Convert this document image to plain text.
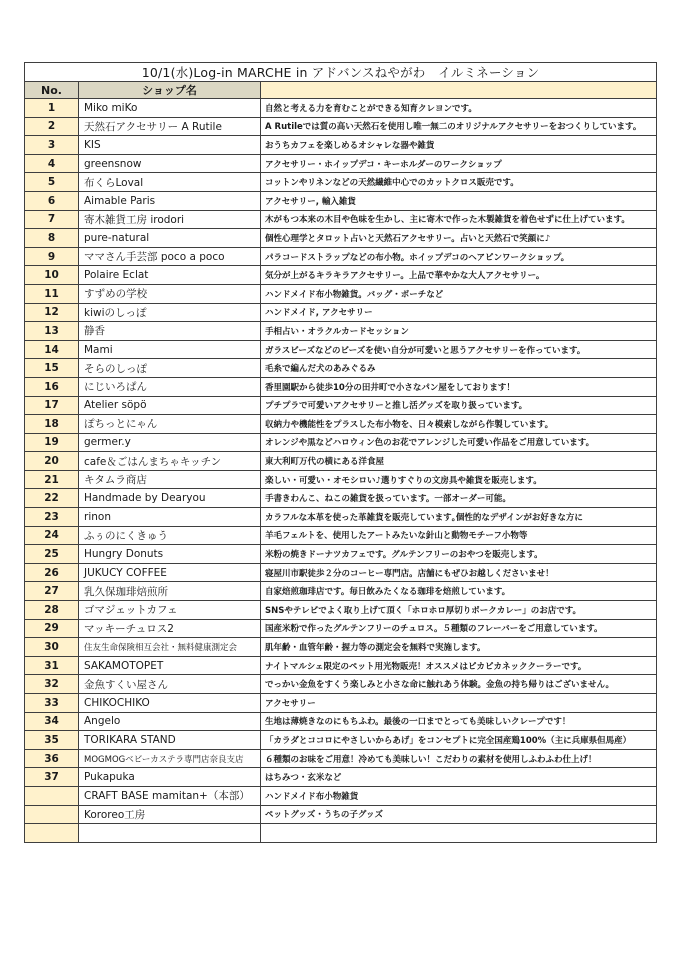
10/1(水)Log-in MARCHE in アドバンスねやがわ　イルミネーション		
No.	ショップ名	
1	Miko miKo	自然と考える力を育むことができる知育クレヨンです。
2	天然石アクセサリー A Rutile	A Rutileでは質の高い天然石を使用し唯一無二のオリジナルアクセサリーをおつくりしています。
3	KIS	おうちカフェを楽しめるオシャレな器や雑貨
4	greensnow	アクセサリー・ホイップデコ・キーホルダーのワークショップ
5	布くらLoval	コットンやリネンなどの天然繊維中心でのカットクロス販売です。
6	Aimable Paris	アクセサリー, 輸入雑貨
7	寄木雑貨工房 irodori	木がもつ本来の木目や色味を生かし、主に寄木で作った木製雑貨を着色せずに仕上げています。
8	pure-natural	個性心理学とタロット占いと天然石アクセサリー。占いと天然石で笑顔に♪
9	ママさん手芸部 poco a poco	パラコードストラップなどの布小物。ホイップデコのヘアピンワークショップ。
10	Polaire Eclat	気分が上がるキラキラアクセサリー。上品で華やかな大人アクセサリー。
11	すずめの学校	ハンドメイド布小物雑貨。バッグ・ポーチなど
12	kiwiのしっぽ	ハンドメイド, アクセサリー
13	静香	手相占い・オラクルカードセッション
14	Mami	ガラスビーズなどのビーズを使い自分が可愛いと思うアクセサリーを作っています。
15	そらのしっぽ	毛糸で編んだ犬のあみぐるみ
16	にじいろぱん	香里園駅から徒歩10分の田井町で小さなパン屋をしております！
17	Atelier söpö	プチプラで可愛いアクセサリーと推し活グッズを取り扱っています。
18	ぽちっとにゃん	収納力や機能性をプラスした布小物を、日々模索しながら作製しています。
19	germer.y	オレンジや黒などハロウィン色のお花でアレンジした可愛い作品をご用意しています。
20	cafe＆ごはんまちゃキッチン	東大利町万代の横にある洋食屋
21	キタムラ商店	楽しい・可愛い・オモシロい♪選りすぐりの文房具や雑貨を販売します。
22	Handmade by Dearyou	手書きわんこ、ねこの雑貨を扱っています。一部オーダー可能。
23	rinon	カラフルな本革を使った革雑貨を販売しています｡個性的なデザインがお好きな方に
24	ふぅのにくきゅう	羊毛フェルトを、使用したアートみたいな針山と動物モチーフ小物等
25	Hungry Donuts	米粉の焼きドーナツカフェです。グルテンフリーのおやつを販売します。
26	JUKUCY COFFEE	寝屋川市駅徒歩２分のコーヒー専門店。店舗にもぜひお越しくださいませ！
27	乳久保珈琲焙煎所	自家焙煎珈琲店です。毎日飲みたくなる珈琲を焙煎しています。
28	ゴマジェットカフェ	SNSやテレビでよく取り上げて頂く「ホロホロ厚切りポークカレー」のお店です。
29	マッキーチュロス2	国産米粉で作ったグルテンフリーのチュロス。５種類のフレーバーをご用意しています。
30	住友生命保険相互会社・無料健康測定会	肌年齢・血管年齢・握力等の測定会を無料で実施します。
31	SAKAMOTOPET	ナイトマルシェ限定のペット用光物販売！オススメはピカピカネッククーラーです。
32	金魚すくい屋さん	でっかい金魚をすくう楽しみと小さな命に触れあう体験。金魚の持ち帰りはございません。
33	CHIKOCHIKO	アクセサリー
34	Angelo	生地は薄焼きなのにもちふわ。最後の一口までとっても美味しいクレープです！
35	TORIKARA STAND	「カラダとココロにやさしいからあげ」をコンセプトに完全国産鶏100%（主に兵庫県但馬産）
36	MOGMOGベビーカステラ専門店奈良支店	６種類のお味をご用意！冷めても美味しい！こだわりの素材を使用しふわふわ仕上げ！
37	Pukapuka	はちみつ・玄米など
	CRAFT BASE mamitan+（本部）	ハンドメイド布小物雑貨
	Kororeo工房	ペットグッズ・うちの子グッズ
